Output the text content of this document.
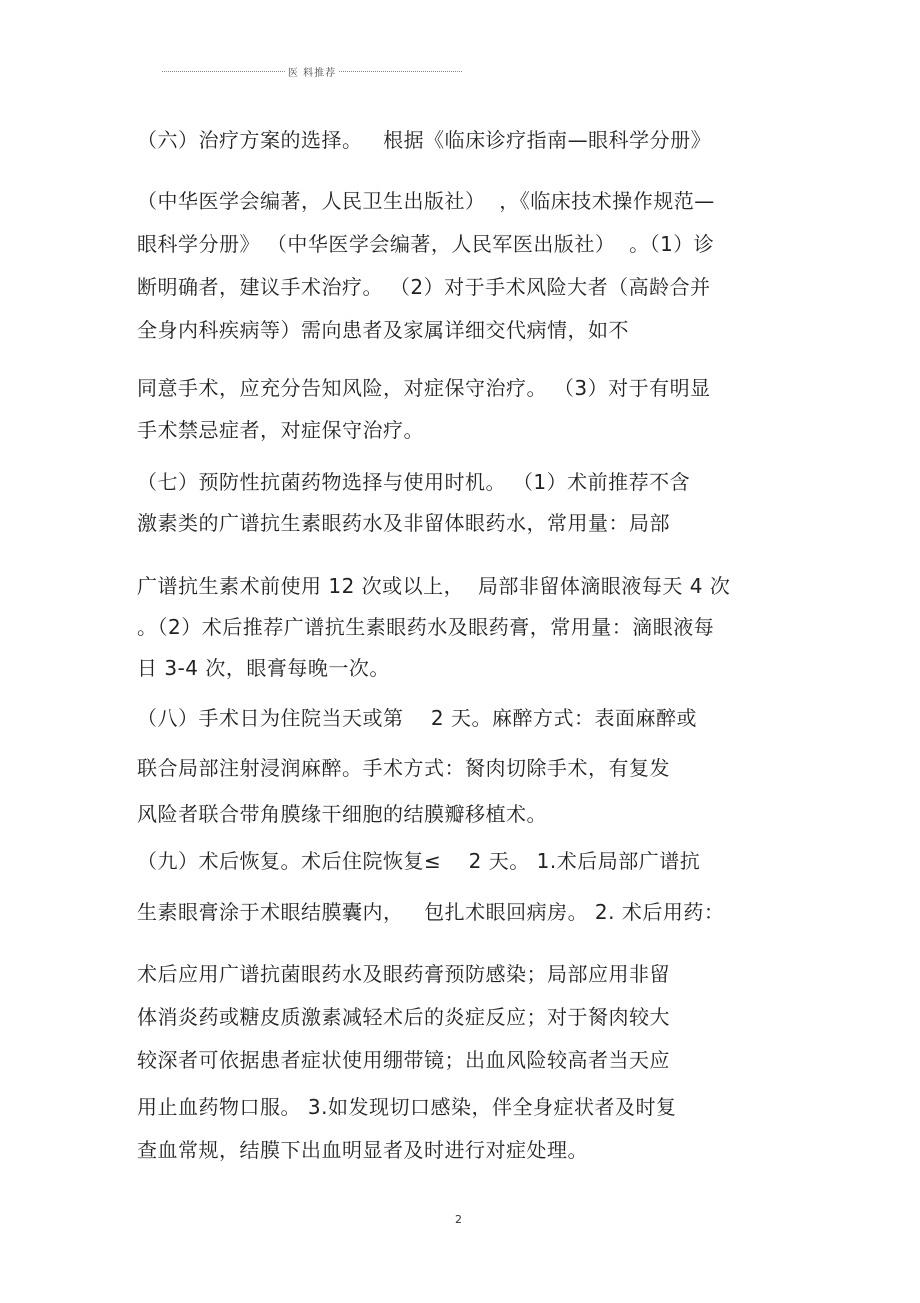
医 料推荐
（六）治疗方案的选择。   根据《临床诊疗指南—眼科学分册》
（中华医学会编著，人民卫生出版社）  ，《临床技术操作规范—
眼科学分册》 （中华医学会编著，人民军医出版社）  。（1）诊
断明确者，建议手术治疗。 （2）对于手术风险大者（高龄合并
全身内科疾病等）需向患者及家属详细交代病情，如不
同意手术，应充分告知风险，对症保守治疗。 （3）对于有明显
手术禁忌症者，对症保守治疗。
（七）预防性抗菌药物选择与使用时机。 （1）术前推荐不含
激素类的广谱抗生素眼药水及非留体眼药水，常用量：局部
广谱抗生素术前使用 12 次或以上，  局部非留体滴眼液每天 4 次
。（2）术后推荐广谱抗生素眼药水及眼药膏，常用量：滴眼液每
日 3-4 次，眼膏每晚一次。
（八）手术日为住院当天或第    2 天。麻醉方式：表面麻醉或
联合局部注射浸润麻醉。手术方式：胬肉切除手术，有复发
风险者联合带角膜缘干细胞的结膜瓣移植术。
（九）术后恢复。术后住院恢复≤    2 天。 1.术后局部广谱抗
生素眼膏涂于术眼结膜囊内，   包扎术眼回病房。 2. 术后用药：
术后应用广谱抗菌眼药水及眼药膏预防感染；局部应用非留
体消炎药或糖皮质激素减轻术后的炎症反应；对于胬肉较大
较深者可依据患者症状使用绷带镜；出血风险较高者当天应
用止血药物口服。 3.如发现切口感染，伴全身症状者及时复
查血常规，结膜下出血明显者及时进行对症处理。
2
